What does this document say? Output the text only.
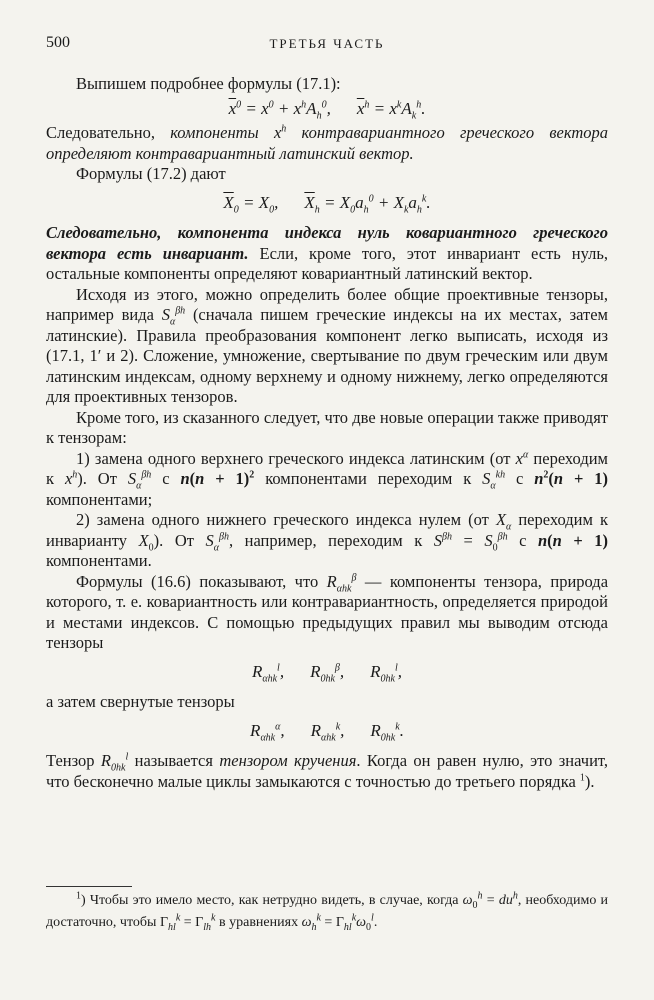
500	ТРЕТЬЯ ЧАСТЬ

Выпишем подробнее формулы (17.1):

$\overline{x}^0 = x^0 + x^hA_h^0$, $\overline{x}^h = x^kA_k^h$.

Следовательно, компоненты $x^h$ контравариантного греческого вектора определяют контравариантный латинский вектор.

Формулы (17.2) дают

$\overline{X}_0 = X_0$, $\overline{X}_h = X_0a_h^0 + X_ka_h^k$.

Следовательно, компонента индекса нуль ковариантного греческого вектора есть инвариант. Если, кроме того, этот инвариант есть нуль, остальные компоненты определяют ковариантный латинский вектор.

Исходя из этого, можно определить более общие проективные тензоры, например вида $S_\alpha^{\beta h}$ (сначала пишем греческие индексы на их местах, затем латинские). Правила преобразования компонент легко выписать, исходя из (17.1, 1′ и 2). Сложение, умножение, свертывание по двум греческим или двум латинским индексам, одному верхнему и одному нижнему, легко определяются для проективных тензоров.

Кроме того, из сказанного следует, что две новые операции также приводят к тензорам:

1) замена одного верхнего греческого индекса латинским (от $x^\alpha$ переходим к $x^h$). От $S_\alpha^{\beta h}$ с $n(n + 1)^2$ компонентами переходим к $S_\alpha^{kh}$ с $n^2(n + 1)$ компонентами;

2) замена одного нижнего греческого индекса нулем (от $X_\alpha$ переходим к инварианту $X_0$). От $S_\alpha^{\beta h}$, например, переходим к $S^{\beta h} = S_0^{\beta h}$ с n(n + 1) компонентами.

Формулы (16.6) показывают, что $R_{\alpha hk}^\beta$ — компоненты тензора, природа которого, т. е. ковариантность или контравариантность, определяется природой и местами индексов. С помощью предыдущих правил мы выводим отсюда тензоры

$R_{\alpha hk}^l$, $R_{0hk}^\beta$, $R_{0hk}^l$,

а затем свернутые тензоры

$R_{\alpha hk}^\alpha$, $R_{\alpha hk}^k$, $R_{0hk}^k$.

Тензор $R_{0hk}^l$ называется тензором кручения. Когда он равен нулю, это значит, что бесконечно малые циклы замыкаются с точностью до третьего порядка $^1$).

$^1$) Чтобы это имело место, как нетрудно видеть, в случае, когда $\omega_0^h = du^h$, необходимо и достаточно, чтобы $\Gamma_{hl}^k = \Gamma_{lh}^k$ в уравнениях $\omega_h^k = \Gamma_{hl}^k\omega_0^l$.
